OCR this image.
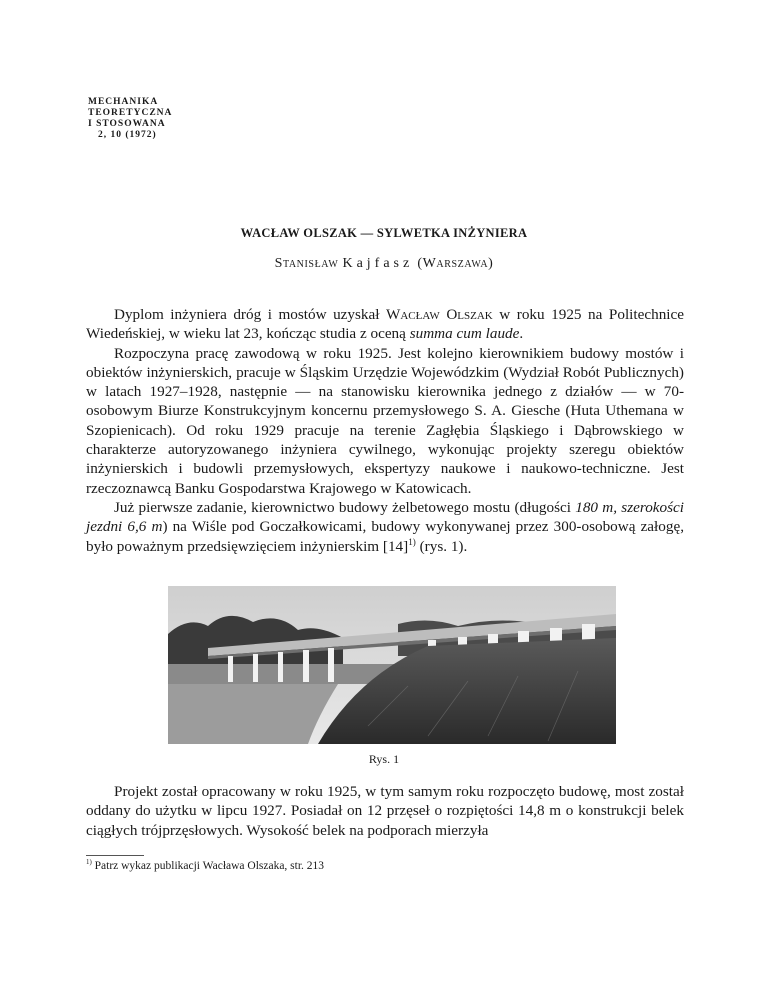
MECHANIKA
TEORETYCZNA
I STOSOWANA
2, 10 (1972)
WACŁAW OLSZAK — SYLWETKA INŻYNIERA
Stanisław Kajfasz (Warszawa)

Dyplom inżyniera dróg i mostów uzyskał Wacław Olszak w roku 1925 na Politechnice Wiedeńskiej, w wieku lat 23, kończąc studia z oceną summa cum laude.

Rozpoczyna pracę zawodową w roku 1925. Jest kolejno kierownikiem budowy mostów i obiektów inżynierskich, pracuje w Śląskim Urzędzie Wojewódzkim (Wydział Robót Publicznych) w latach 1927–1928, następnie — na stanowisku kierownika jednego z działów — w 70-osobowym Biurze Konstrukcyjnym koncernu przemysłowego S. A. Giesche (Huta Uthemana w Szopienicach). Od roku 1929 pracuje na terenie Zagłębia Śląskiego i Dąbrowskiego w charakterze autoryzowanego inżyniera cywilnego, wykonując projekty szeregu obiektów inżynierskich i budowli przemysłowych, ekspertyzy naukowe i naukowo-techniczne. Jest rzeczoznawcą Banku Gospodarstwa Krajowego w Katowicach.

Już pierwsze zadanie, kierownictwo budowy żelbetowego mostu (długości 180 m, szerokości jezdni 6,6 m) na Wiśle pod Goczałkowicami, budowy wykonywanej przez 300-osobową załogę, było poważnym przedsięwzięciem inżynierskim $[14]^{1)}$ (rys. 1).

Rys. 1

Projekt został opracowany w roku 1925, w tym samym roku rozpoczęto budowę, most został oddany do użytku w lipcu 1927. Posiadał on 12 przęseł o rozpiętości 14,8 m o konstrukcji belek ciągłych trójprzęsłowych. Wysokość belek na podporach mierzyła

$^{1)}$ Patrz wykaz publikacji Wacława Olszaka, str. 213
